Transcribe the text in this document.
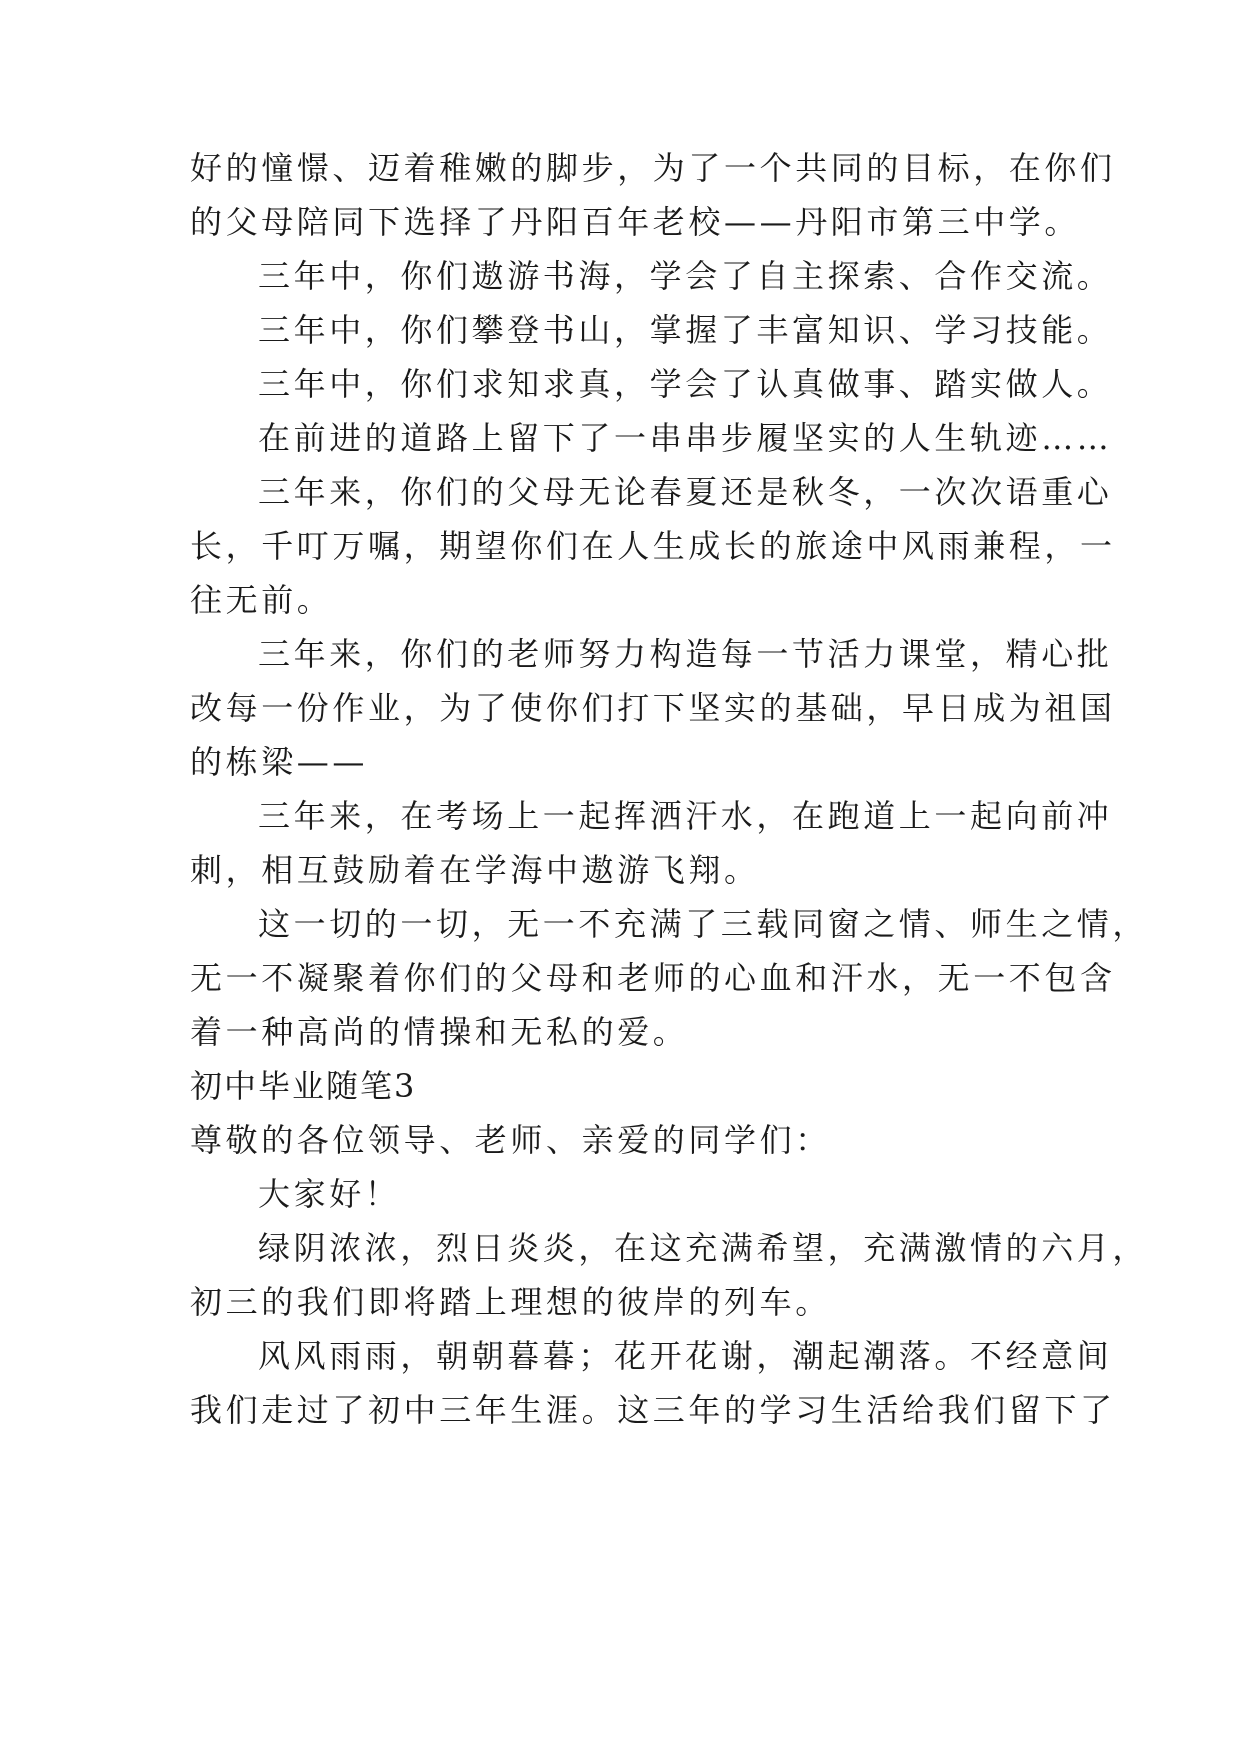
好的憧憬、迈着稚嫩的脚步，为了一个共同的目标，在你们
的父母陪同下选择了丹阳百年老校——丹阳市第三中学。
三年中，你们遨游书海，学会了自主探索、合作交流。
三年中，你们攀登书山，掌握了丰富知识、学习技能。
三年中，你们求知求真，学会了认真做事、踏实做人。
在前进的道路上留下了一串串步履坚实的人生轨迹……
三年来，你们的父母无论春夏还是秋冬，一次次语重心
长，千叮万嘱，期望你们在人生成长的旅途中风雨兼程，一
往无前。
三年来，你们的老师努力构造每一节活力课堂，精心批
改每一份作业，为了使你们打下坚实的基础，早日成为祖国
的栋梁——
三年来，在考场上一起挥洒汗水，在跑道上一起向前冲
刺，相互鼓励着在学海中遨游飞翔。
这一切的一切，无一不充满了三载同窗之情、师生之情，
无一不凝聚着你们的父母和老师的心血和汗水，无一不包含
着一种高尚的情操和无私的爱。
初中毕业随笔3
尊敬的各位领导、老师、亲爱的同学们：
大家好！
绿阴浓浓，烈日炎炎，在这充满希望，充满激情的六月，
初三的我们即将踏上理想的彼岸的列车。
风风雨雨，朝朝暮暮；花开花谢，潮起潮落。不经意间
我们走过了初中三年生涯。这三年的学习生活给我们留下了
